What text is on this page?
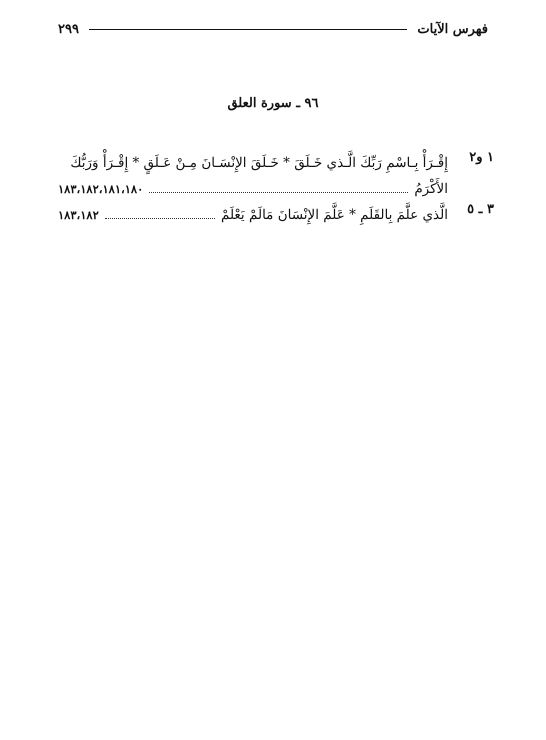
فهرس الآيات
٢٩٩
٩٦ ـ سورة العلق
١ و٢
إِقْـرَأْ بِـاسْمِ رَبِّكَ الَّـذي خَـلَقَ * خَـلَقَ الإِنْسَـانَ مِـنْ عَـلَقٍ * إِقْـرَأْ وَرَبُّكَ
الأَكْرَمُ
١٨٣،١٨٢،١٨١،١٨٠
٣ ـ ٥
الَّذي علَّمَ بِالقَلَمِ * عَلَّمَ الإِنْسَانَ مَالَمْ يَعْلَمْ
١٨٣،١٨٢
